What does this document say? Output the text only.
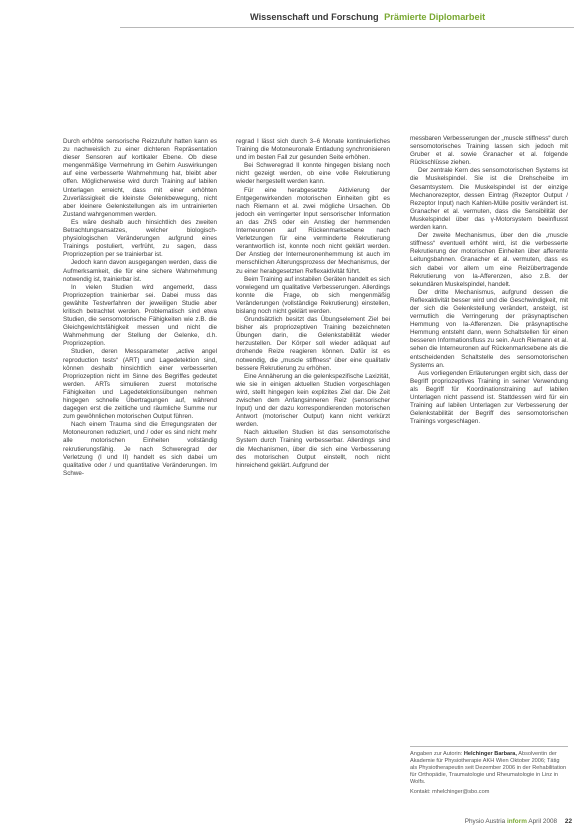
Wissenschaft und Forschung Prämierte Diplomarbeit

Durch erhöhte sensorische Reizzufuhr hatten kann es zu nachweislich zu einer dichteren Repräsentation dieser Sensoren auf kortikaler Ebene. Ob diese mengenmäßige Vermehrung im Gehirn Auswirkungen auf eine verbesserte Wahrnehmung hat, bleibt aber offen. Möglicherweise wird durch Training auf labilen Unterlagen erreicht, dass mit einer erhöhten Zuverlässigkeit die kleinste Gelenkbewegung, nicht aber kleinere Gelenkstellungen als im untrainierten Zustand wahrgenommen werden.

Es wäre deshalb auch hinsichtlich des zweiten Betrachtungsansatzes, welcher biologisch-physiologischen Veränderungen aufgrund eines Trainings postuliert, verfrüht, zu sagen, dass Propriozeption per se trainierbar ist.

Jedoch kann davon ausgegangen werden, dass die Aufmerksamkeit, die für eine sichere Wahrnehmung notwendig ist, trainierbar ist.

In vielen Studien wird angemerkt, dass Propriozeption trainierbar sei. Dabei muss das gewählte Testverfahren der jeweiligen Studie aber kritisch betrachtet werden. Problematisch sind etwa Studien, die sensomotorische Fähigkeiten wie z.B. die Gleichgewichtsfähigkeit messen und nicht die Wahrnehmung der Stellung der Gelenke, d.h. Propriozeption.

Studien, deren Messparameter „active angel reproduction tests“ (ART) und Lagedetektion sind, können deshalb hinsichtlich einer verbesserten Propriozeption nicht im Sinne des Begriffes gedeutet werden. ARTs simulieren zuerst motorische Fähigkeiten und Lagedetektionsübungen nehmen hingegen schnelle Übertragungen auf, während dagegen erst die zeitliche und räumliche Summe nur zum gewöhnlichen motorischen Output führen.

Nach einem Trauma sind die Erregungsraten der Motoneuronen reduziert, und / oder es sind nicht mehr alle motorischen Einheiten vollständig rekrutierungsfähig. Je nach Schweregrad der Verletzung (I und II) handelt es sich dabei um qualitative oder / und quantitative Veränderungen. Im Schwe-

regrad I lässt sich durch 3–6 Monate kontinuierliches Training die Motoneuronale Entladung synchronisieren und im besten Fall zur gesunden Seite erhöhen.

Bei Schweregrad II konnte hingegen bislang noch nicht gezeigt werden, ob eine volle Rekrutierung wieder hergestellt werden kann.

Für eine herabgesetzte Aktivierung der Entgegenwirkenden motorischen Einheiten gibt es nach Riemann et al. zwei mögliche Ursachen. Ob jedoch ein verringerter Input sensorischer Information an das ZNS oder ein Anstieg der hemmenden Interneuronen auf Rückenmarksebene nach Verletzungen für eine verminderte Rekrutierung verantwortlich ist, konnte noch nicht geklärt werden. Der Anstieg der Interneuronenhemmung ist auch im menschlichen Alterungsprozess der Mechanismus, der zu einer herabgesetzten Reflexaktivität führt.

Beim Training auf instabilen Geräten handelt es sich vorwiegend um qualitative Verbesserungen. Allerdings konnte die Frage, ob sich mengenmäßig Veränderungen (vollständige Rekrutierung) einstellen, bislang noch nicht geklärt werden.

Grundsätzlich besitzt das Übungselement Ziel bei bisher als propriozeptiven Training bezeichneten Übungen darin, die Gelenkstabilität wieder herzustellen. Der Körper soll wieder adäquat auf drohende Reize reagieren können. Dafür ist es notwendig, die „muscle stiffness“ über eine qualitativ bessere Rekrutierung zu erhöhen.

Eine Annäherung an die gelenkspezifische Laxizität, wie sie in einigen aktuellen Studien vorgeschlagen wird, stellt hingegen kein explizites Ziel dar. Die Zeit zwischen dem Anfangsinneren Reiz (sensorischer Input) und der dazu korrespondierenden motorischen Antwort (motorischer Output) kann nicht verkürzt werden.

Nach aktuellen Studien ist das sensomotorische System durch Training verbesserbar. Allerdings sind die Mechanismen, über die sich eine Verbesserung des motorischen Output einstellt, noch nicht hinreichend geklärt. Aufgrund der

messbaren Verbesserungen der „muscle stiffness“ durch sensomotorisches Training lassen sich jedoch mit Gruber et al. sowie Granacher et al. folgende Rückschlüsse ziehen.

Der zentrale Kern des sensomotorischen Systems ist die Muskelspindel. Sie ist die Drehscheibe im Gesamtsystem. Die Muskelspindel ist der einzige Mechanorezeptor, dessen Eintrag (Rezeptor Output / Rezeptor Input) nach Kahlen-Mülle positiv verändert ist. Granacher et al. vermuten, dass die Sensibilität der Muskelspindel über das γ-Motorsystem beeinflusst werden kann.

Der zweite Mechanismus, über den die „muscle stiffness“ eventuell erhöht wird, ist die verbesserte Rekrutierung der motorischen Einheiten über afferente Leitungsbahnen. Granacher et al. vermuten, dass es sich dabei vor allem um eine Reizübertragende Rekrutierung von Ia-Afferenzen, also z.B. der sekundären Muskelspindel, handelt.

Der dritte Mechanismus, aufgrund dessen die Reflexaktivität besser wird und die Geschwindigkeit, mit der sich die Gelenkstellung verändert, ansteigt, ist vermutlich die Verringerung der präsynaptischen Hemmung von Ia-Afferenzen. Die präsynaptische Hemmung entsteht dann, wenn Schaltstellen für einen besseren Informationsfluss zu sein. Auch Riemann et al. sehen die Interneuronen auf Rückenmarksebene als die entscheidenden Schaltstelle des sensomotorischen Systems an.

Aus vorliegenden Erläuterungen ergibt sich, dass der Begriff propriozeptives Training in seiner Verwendung als Begriff für Koordinationstraining auf labilen Unterlagen nicht passend ist. Stattdessen wird für ein Training auf labilen Unterlagen zur Verbesserung der Gelenkstabilität der Begriff des sensomotorischen Trainings vorgeschlagen.

Angaben zur Autorin: Helchinger Barbara, Absolventin der Akademie für Physiotherapie AKH Wien Oktober 2006; Tätig als Physiotherapeutin seit Dezember 2006 in der Rehabilitation für Orthopädie, Traumatologie und Rheumatologie in Linz in Wolfs.
Kontakt: mhelchinger@sbo.com
Physio Austria inform April 2008 22
